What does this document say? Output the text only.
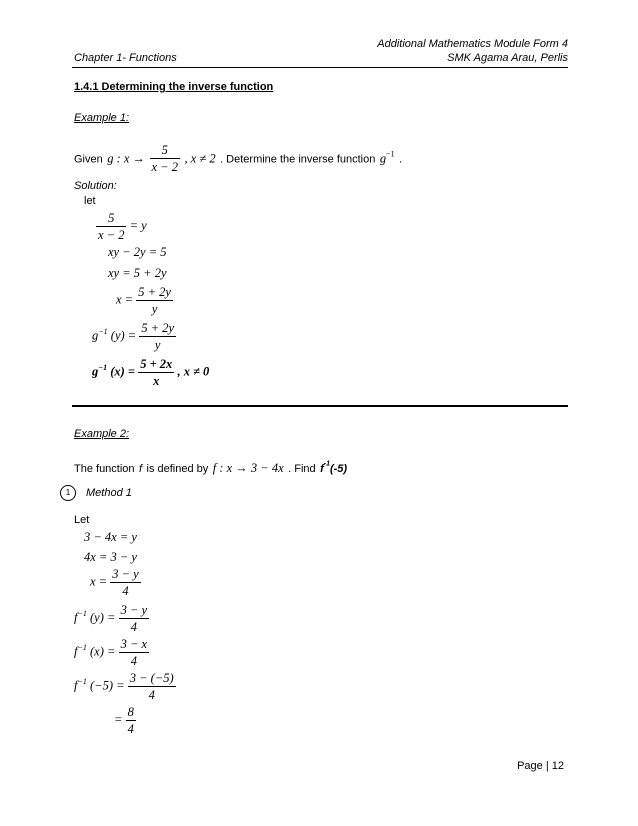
Additional Mathematics Module Form 4
Chapter 1- Functions	SMK Agama Arau, Perlis
1.4.1 Determining the inverse function
Example 1:
Given g : $x \to \frac{5}{x - 2}$ , x ≠ 2 . Determine the inverse function $g^{-1}$ .
Solution:
let
$\frac{5}{x - 2} = y$
xy − 2y = 5
xy = 5 + 2y
$x = \frac{5 + 2y}{y}$
$g^{-1}$ $(y) = \frac{5 + 2y}{y}$
$g^{-1}$ $(x) = \frac{5 + 2x}{x}$ , x ≠ 0
Example 2:
The function f is defined by f : x → 3 − 4x . Find $f^{-1}(-5)$
1	Method 1
Let
3 − 4x = y
4x = 3 − y
$x = \frac{3 - y}{4}$
$f^{-1}$ $(y) = \frac{3 - y}{4}$
$f^{-1}$ $(x) = \frac{3 - x}{4}$
$f^{-1}$ $(-5) = \frac{3 - (-5)}{4}$
= $\frac{8}{4}$
Page | 12
